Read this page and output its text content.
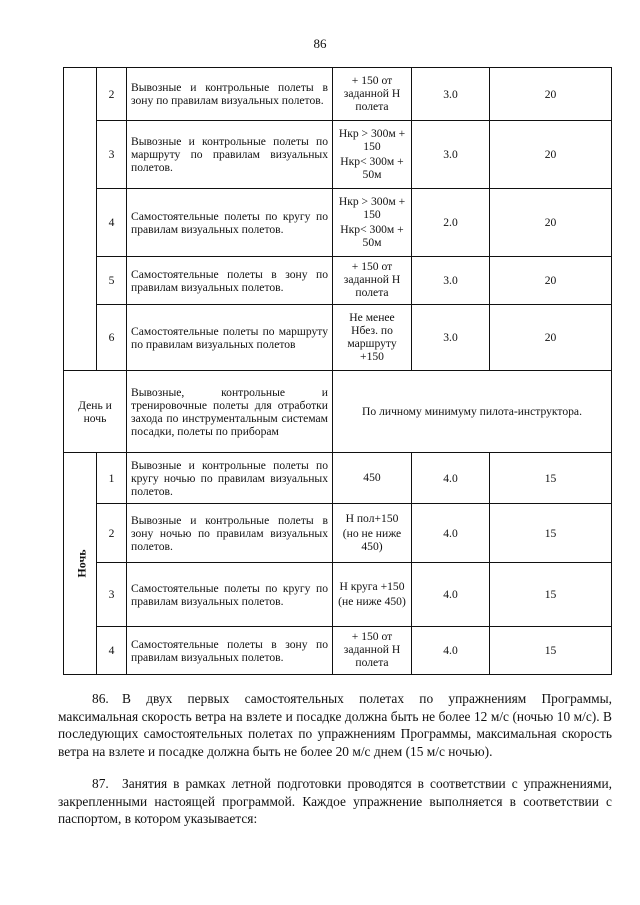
86
	2	Вывозные и контрольные полеты в зону по правилам визуальных полетов.	+ 150 от заданной Н полета	3.0	20
	3	Вывозные и контрольные полеты по маршруту по правилам визуальных полетов.	Нкр > 300м + 150
Нкр< 300м + 50м	3.0	20
	4	Самостоятельные полеты по кругу по правилам визуальных полетов.	Нкр > 300м + 150
Нкр< 300м + 50м	2.0	20
	5	Самостоятельные полеты в зону по правилам визуальных полетов.	+ 150 от заданной Н полета	3.0	20
	6	Самостоятельные полеты по маршруту по правилам визуальных полетов	Не менее Нбез. по маршруту +150	3.0	20
День и ночь		Вывозные, контрольные и тренировочные полеты для отработки захода по инструментальным системам посадки, полеты по приборам	По личному минимуму пилота-инструктора.		
Ночь	1	Вывозные и контрольные полеты по кругу ночью по правилам визуальных полетов.	450	4.0	15
	2	Вывозные и контрольные полеты в зону ночью по правилам визуальных полетов.	Н пол+150
(но не ниже 450)	4.0	15
	3	Самостоятельные полеты по кругу по правилам визуальных полетов.	Н круга +150
(не ниже 450)	4.0	15
	4	Самостоятельные полеты в зону по правилам визуальных полетов.	+ 150 от заданной Н полета	4.0	15

86. В двух первых самостоятельных полетах по упражнениям Программы, максимальная скорость ветра на взлете и посадке должна быть не более 12 м/с (ночью 10 м/с). В последующих самостоятельных полетах по упражнениям Программы, максимальная скорость ветра на взлете и посадке должна быть не более 20 м/с днем (15 м/с ночью).

87. Занятия в рамках летной подготовки проводятся в соответствии с упражнениями, закрепленными настоящей программой. Каждое упражнение выполняется в соответствии с паспортом, в котором указывается:
